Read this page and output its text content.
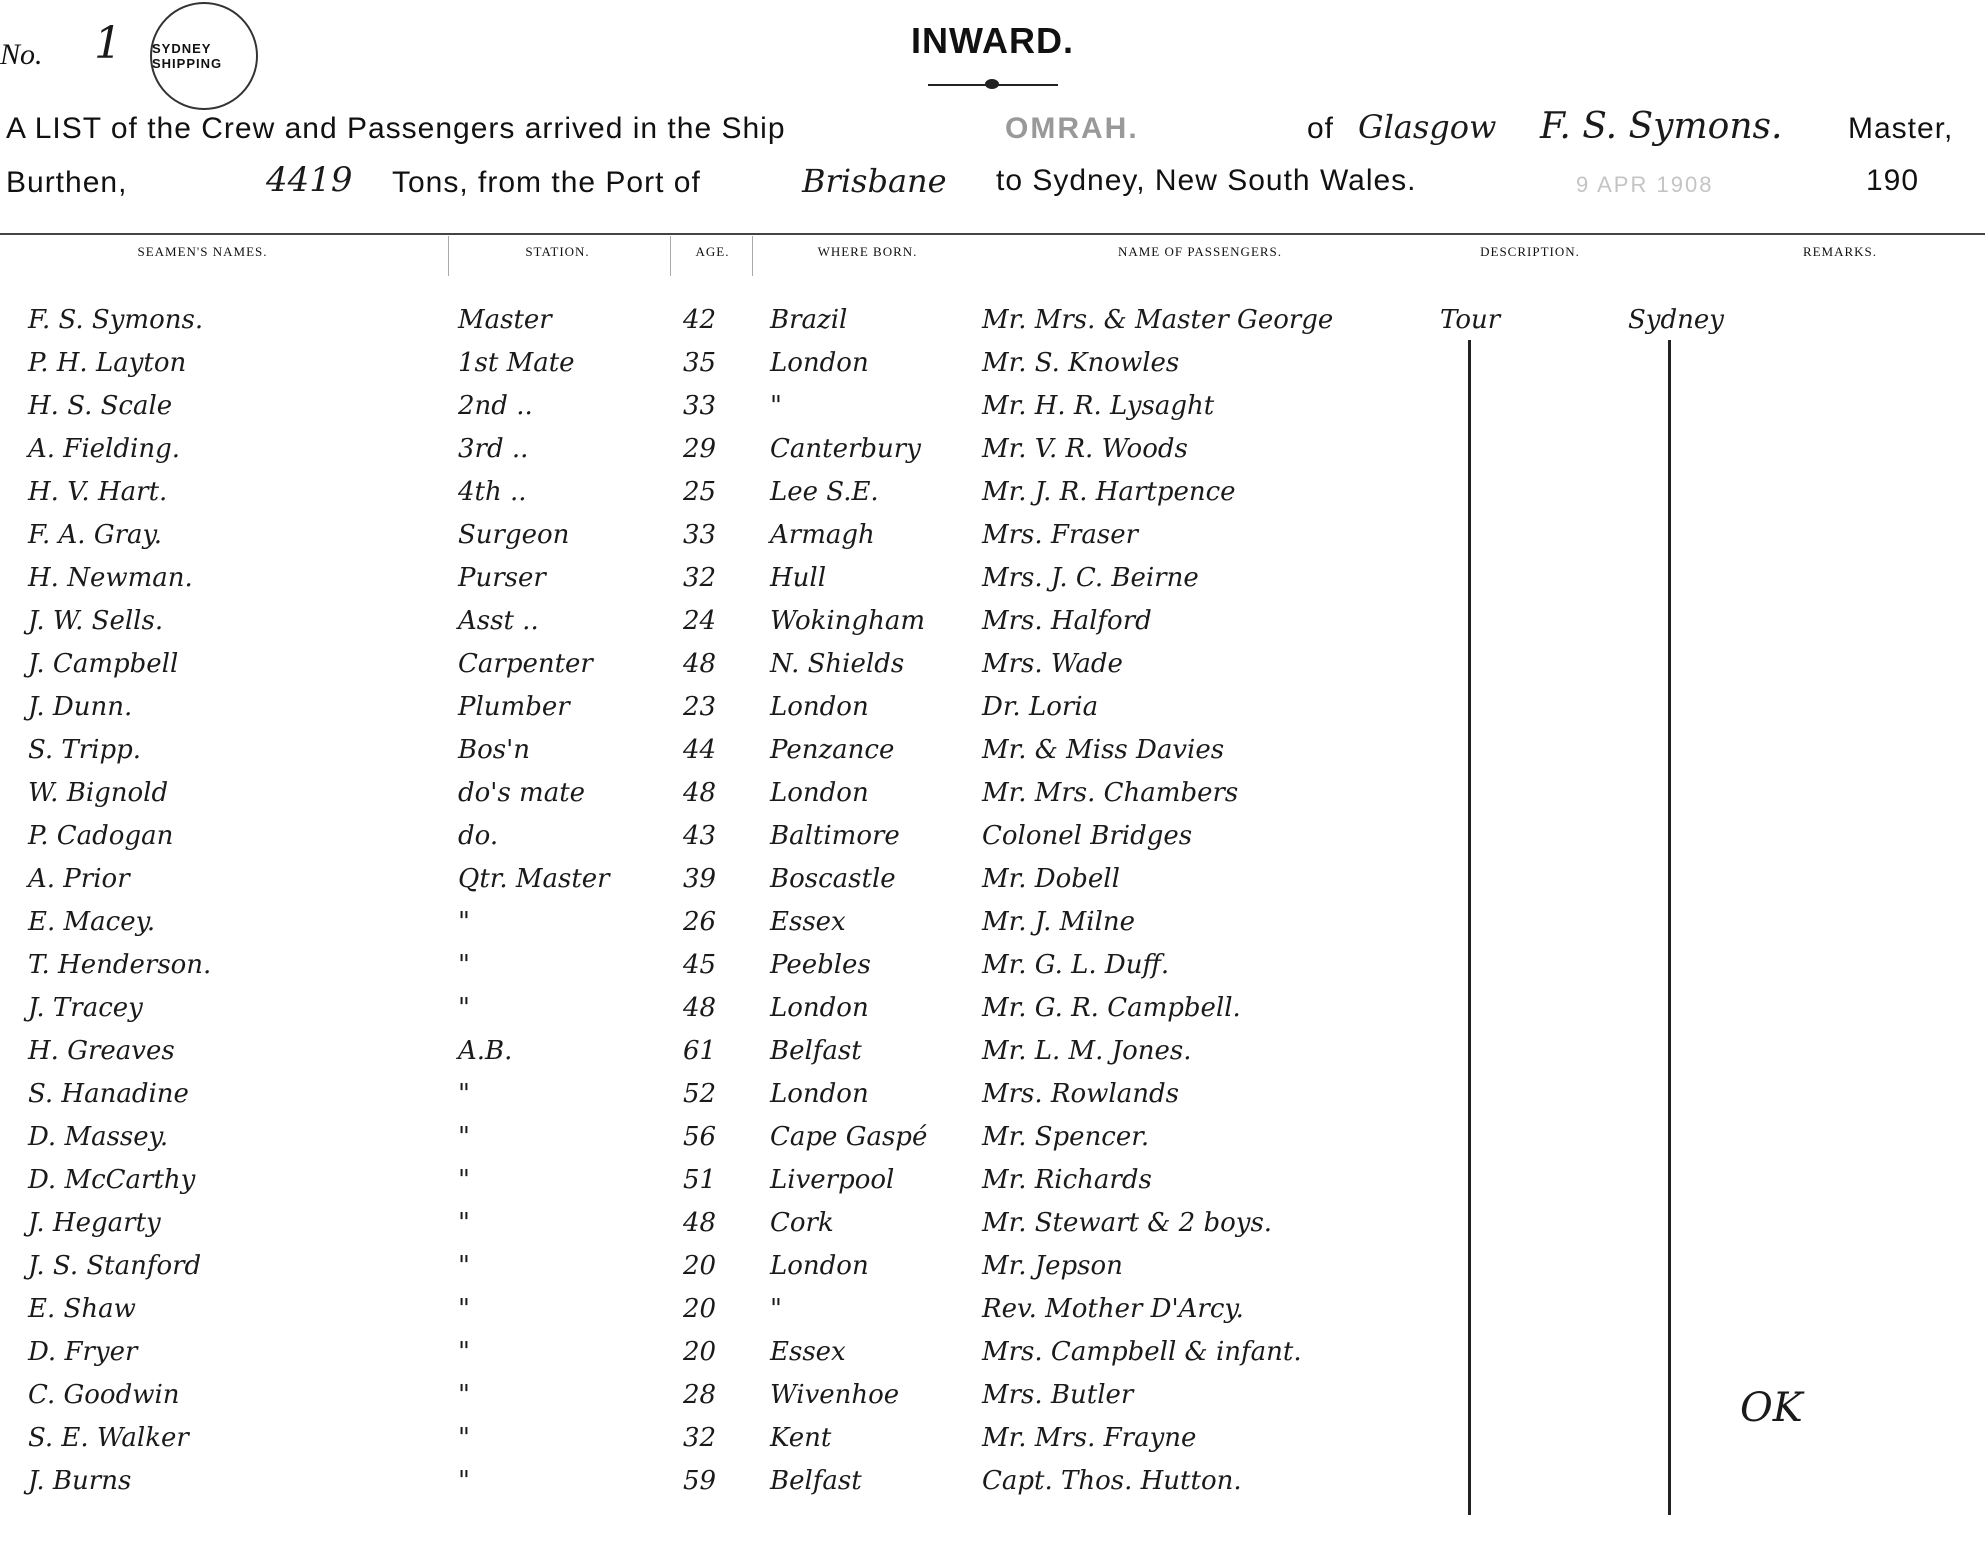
No. 1 SYDNEY SHIPPING
INWARD.
A LIST of the Crew and Passengers arrived in the Ship	OMRAH.	of Glasgow F. S. Symons. Master,
Burthen,	4419 Tons, from the Port of	Brisbane to Sydney, New South Wales.	9 APR 1908	190
SEAMEN'S NAMES.	STATION.	AGE.	WHERE BORN.	NAME OF PASSENGERS.	DESCRIPTION.	REMARKS.
F. S. Symons.	Master	42 Brazil	Mr. Mrs. & Master George	Tour	Sydney
P. H. Layton	1st Mate	35 London	Mr. S. Knowles
H. S. Scale	2nd ..	33 "	Mr. H. R. Lysaght
A. Fielding.	3rd ..	29 Canterbury Mr. V. R. Woods
H. V. Hart.	4th ..	25 Lee S.E.	Mr. J. R. Hartpence
F. A. Gray.	Surgeon	33 Armagh	Mrs. Fraser
H. Newman.	Purser	32 Hull	Mrs. J. C. Beirne
J. W. Sells.	Asst ..	24 Wokingham Mrs. Halford
J. Campbell	Carpenter	48 N. Shields	Mrs. Wade
J. Dunn.	Plumber	23 London	Dr. Loria
S. Tripp.	Bos'n	44 Penzance	Mr. & Miss Davies
W. Bignold	do's mate	48 London	Mr. Mrs. Chambers
P. Cadogan	do.	43 Baltimore	Colonel Bridges
A. Prior	Qtr. Master	39 Boscastle	Mr. Dobell
E. Macey.	"	26 Essex	Mr. J. Milne
T. Henderson.	"	45 Peebles	Mr. G. L. Duff.
J. Tracey	"	48 London	Mr. G. R. Campbell.
H. Greaves	A.B.	61 Belfast	Mr. L. M. Jones.
S. Hanadine	"	52 London	Mrs. Rowlands
D. Massey.	"	56 Cape Gaspé Mr. Spencer.
D. McCarthy	"	51 Liverpool	Mr. Richards
J. Hegarty	"	48 Cork	Mr. Stewart & 2 boys.
J. S. Stanford	"	20 London	Mr. Jepson
E. Shaw	"	20 "	Rev. Mother D'Arcy.
D. Fryer	"	20 Essex	Mrs. Campbell & infant.
C. Goodwin	"	28 Wivenhoe	Mrs. Butler
S. E. Walker	"	32 Kent	Mr. Mrs. Frayne
J. Burns	"	59 Belfast	Capt. Thos. Hutton.
OK
